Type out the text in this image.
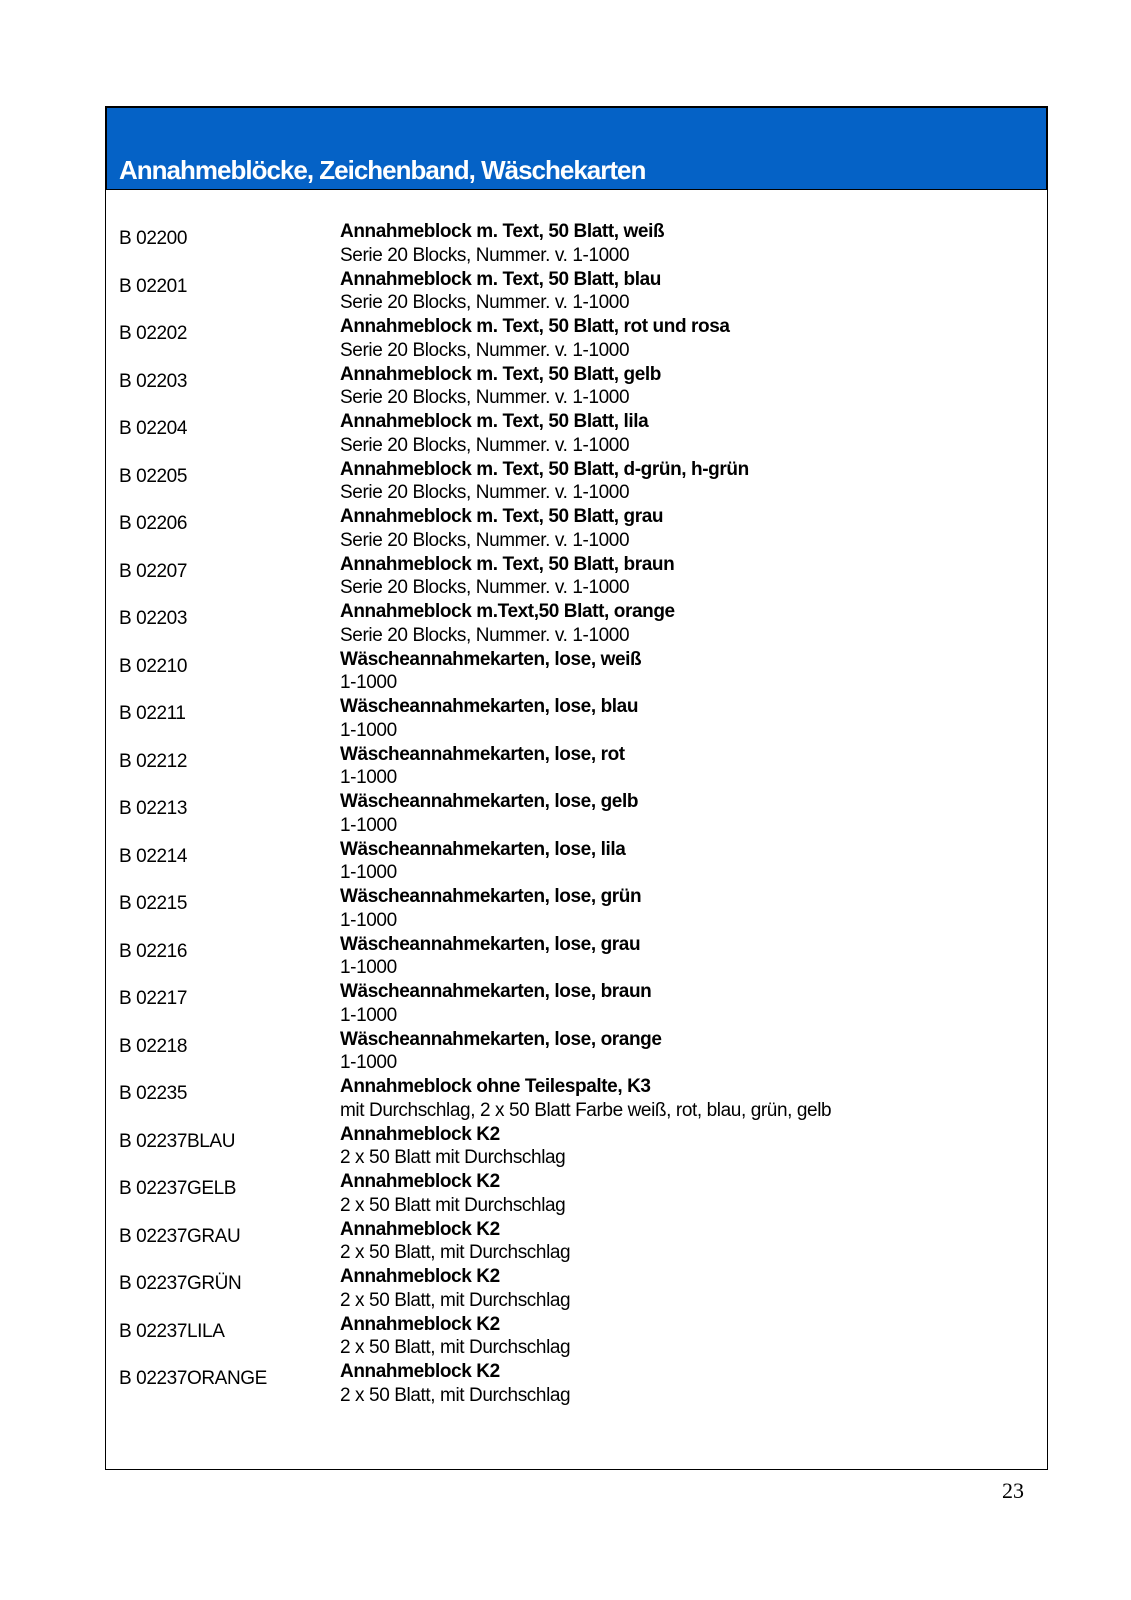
Annahmeblöcke, Zeichenband, Wäschekarten
B 02200	Annahmeblock m. Text, 50 Blatt, weiß
Serie 20 Blocks, Nummer. v. 1-1000
B 02201	Annahmeblock m. Text, 50 Blatt, blau
Serie 20 Blocks, Nummer. v. 1-1000
B 02202	Annahmeblock m. Text, 50 Blatt, rot und rosa
Serie 20 Blocks, Nummer. v. 1-1000
B 02203	Annahmeblock m. Text, 50 Blatt, gelb
Serie 20 Blocks, Nummer. v. 1-1000
B 02204	Annahmeblock m. Text, 50 Blatt, lila
Serie 20 Blocks, Nummer. v. 1-1000
B 02205	Annahmeblock m. Text, 50 Blatt, d-grün, h-grün
Serie 20 Blocks, Nummer. v. 1-1000
B 02206	Annahmeblock m. Text, 50 Blatt, grau
Serie 20 Blocks, Nummer. v. 1-1000
B 02207	Annahmeblock m. Text, 50 Blatt, braun
Serie 20 Blocks, Nummer. v. 1-1000
B 02203	Annahmeblock m.Text,50 Blatt, orange
Serie 20 Blocks, Nummer. v. 1-1000
B 02210	Wäscheannahmekarten, lose, weiß
1-1000
B 02211	Wäscheannahmekarten, lose, blau
1-1000
B 02212	Wäscheannahmekarten, lose, rot
1-1000
B 02213	Wäscheannahmekarten, lose, gelb
1-1000
B 02214	Wäscheannahmekarten, lose, lila
1-1000
B 02215	Wäscheannahmekarten, lose, grün
1-1000
B 02216	Wäscheannahmekarten, lose, grau
1-1000
B 02217	Wäscheannahmekarten, lose, braun
1-1000
B 02218	Wäscheannahmekarten, lose, orange
1-1000
B 02235	Annahmeblock ohne Teilespalte, K3
mit Durchschlag, 2 x 50 Blatt Farbe weiß, rot, blau, grün, gelb
B 02237BLAU	Annahmeblock K2
2 x 50 Blatt mit Durchschlag
B 02237GELB	Annahmeblock K2
2 x 50 Blatt mit Durchschlag
B 02237GRAU	Annahmeblock K2
2 x 50 Blatt, mit Durchschlag
B 02237GRÜN	Annahmeblock K2
2 x 50 Blatt, mit Durchschlag
B 02237LILA	Annahmeblock K2
2 x 50 Blatt, mit Durchschlag
B 02237ORANGE	Annahmeblock K2
2 x 50 Blatt, mit Durchschlag
23
